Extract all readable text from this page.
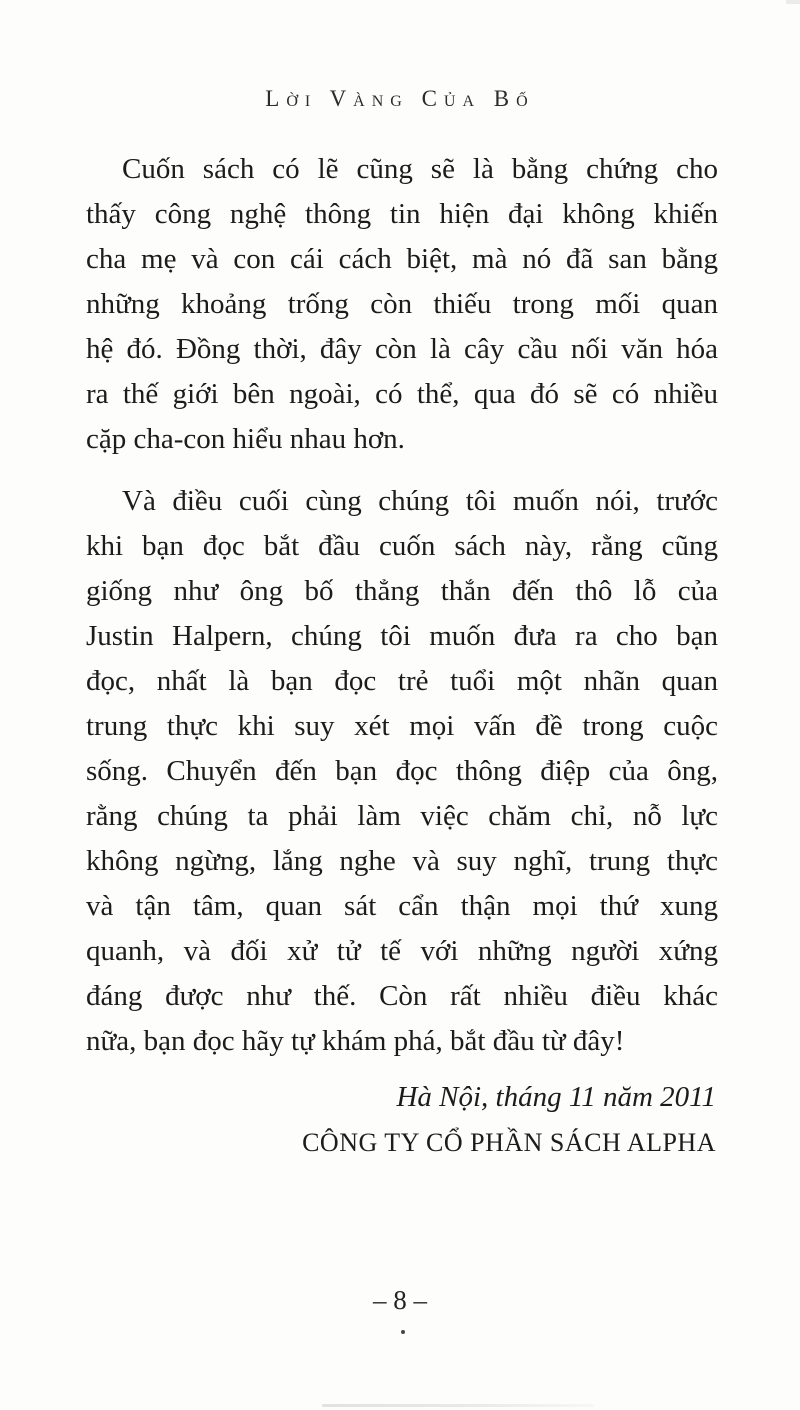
Lời Vàng Của Bố
Cuốn sách có lẽ cũng sẽ là bằng chứng cho
thấy công nghệ thông tin hiện đại không khiến
cha mẹ và con cái cách biệt, mà nó đã san bằng
những khoảng trống còn thiếu trong mối quan
hệ đó. Đồng thời, đây còn là cây cầu nối văn hóa
ra thế giới bên ngoài, có thể, qua đó sẽ có nhiều
cặp cha-con hiểu nhau hơn.
Và điều cuối cùng chúng tôi muốn nói, trước
khi bạn đọc bắt đầu cuốn sách này, rằng cũng
giống như ông bố thẳng thắn đến thô lỗ của
Justin Halpern, chúng tôi muốn đưa ra cho bạn
đọc, nhất là bạn đọc trẻ tuổi một nhãn quan
trung thực khi suy xét mọi vấn đề trong cuộc
sống. Chuyển đến bạn đọc thông điệp của ông,
rằng chúng ta phải làm việc chăm chỉ, nỗ lực
không ngừng, lắng nghe và suy nghĩ, trung thực
và tận tâm, quan sát cẩn thận mọi thứ xung
quanh, và đối xử tử tế với những người xứng
đáng được như thế. Còn rất nhiều điều khác
nữa, bạn đọc hãy tự khám phá, bắt đầu từ đây!
Hà Nội, tháng 11 năm 2011
CÔNG TY CỔ PHẦN SÁCH ALPHA
– 8 –
